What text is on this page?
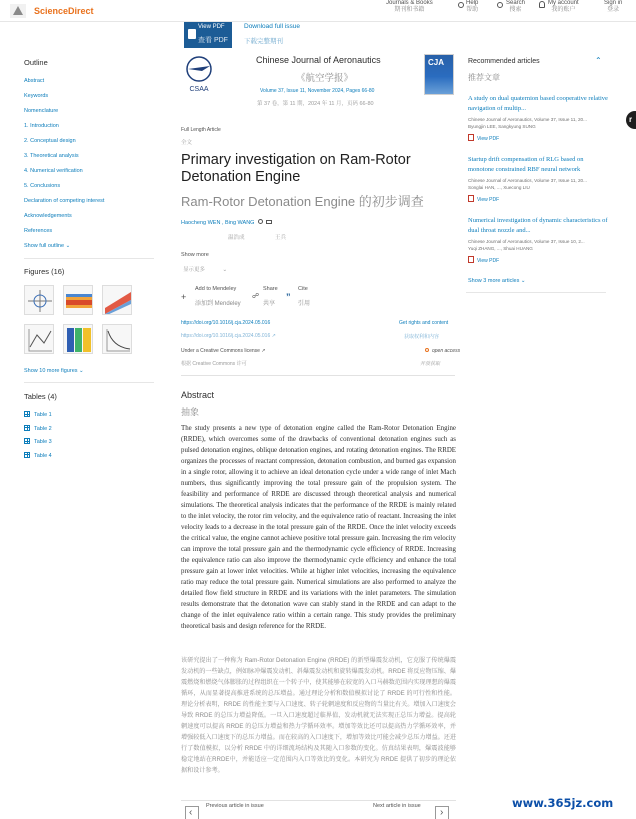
ScienceDirect
Journals & Books
期刊和书籍
Help
帮助
Search
搜索
My account
我的账户
Sign in
登录
View PDF
查看 PDF
Download full issue
下载完整期刊
Outline
Abstract
Keywords
Nomenclature
1. Introduction
2. Conceptual design
3. Theoretical analysis
4. Numerical verification
5. Conclusions
Declaration of competing interest
Acknowledgements
References
Show full outline ⌄
Figures (16)
Show 10 more figures ⌄
Tables (4)
Table 1
Table 2
Table 3
Table 4
CSAA
Chinese Journal of Aeronautics
《航空学报》
Volume 37, Issue 11, November 2024, Pages 66-80
第 37 卷，第 11 期，2024 年 11 月，页码 66-80
CJA
Full Length Article
全文
Primary investigation on Ram-Rotor Detonation Engine
Ram-Rotor Detonation Engine 的初步调查
Haocheng WEN , Bing WANG
温浩成                    王兵
Show more
显示更多	⌄
+
Add to Mendeley
添加到 Mendeley
☍
Share
共享
”
Cite
引用
https://doi.org/10.1016/j.cja.2024.05.016
https://doi.org/10.1016/j.cja.2024.05.016 ↗
Get rights and content
获取权利和内容
Under a Creative Commons license ↗
根据 Creative Commons 许可
open access
开放获取
Abstract
抽象

The study presents a new type of detonation engine called the Ram-Rotor Detonation Engine (RRDE), which overcomes some of the drawbacks of conventional detonation engines such as pulsed detonation engines, oblique detonation engines, and rotating detonation engines. The RRDE organizes the processes of reactant compression, detonation combustion, and burned gas expansion in a single rotor, allowing it to achieve an ideal detonation cycle under a wide range of inlet Mach numbers, thus significantly improving the total pressure gain of the propulsion system. The feasibility and performance of RRDE are discussed through theoretical analysis and numerical simulations. The theoretical analysis indicates that the performance of the RRDE is mainly related to the inlet velocity, the rotor rim velocity, and the equivalence ratio of reactant. Increasing the inlet velocity leads to a decrease in the total pressure gain of the RRDE. Once the inlet velocity exceeds the critical value, the engine cannot achieve positive total pressure gain. Increasing the rim velocity can improve the total pressure gain and the thermodynamic cycle efficiency of RRDE. Increasing the equivalence ratio can also improve the thermodynamic cycle efficiency and enhance the total pressure gain at lower inlet velocities. While at higher inlet velocities, increasing the equivalence ratio may reduce the total pressure gain. Numerical simulations are also performed to analyze the detailed flow field structure in RRDE and its variations with the inlet parameters. The simulation results demonstrate that the detonation wave can stably stand in the RRDE and can adapt to the change of the inlet equivalence ratio within a certain range. This study provides the preliminary theoretical basis and design reference for the RRDE.

该研究提出了一种称为 Ram-Rotor Detonation Engine (RRDE) 的新型爆震发动机，它克服了传统爆震发动机的一些缺点，例如脉冲爆震发动机、斜爆震发动机和旋转爆震发动机。RRDE 将反应物压缩、爆震燃烧和燃烧气体膨胀的过程组织在一个转子中，使其能够在较宽的入口马赫数范围内实现理想的爆震循环，从而显著提高推进系统的总压增益。通过理论分析和数值模拟讨论了 RRDE 的可行性和性能。理论分析表明，RRDE 的性能主要与入口速度、转子轮辋速度和反应物的当量比有关。增加入口速度会导致 RRDE 的总压力增益降低。一旦入口速度超过临界值，发动机就无法实现正总压力增益。提高轮辋速度可以提高 RRDE 的总压力增益和热力学循环效率。增加等效比还可以提高热力学循环效率，并增强较低入口速度下的总压力增益。而在较高的入口速度下，增加等效比可能会减少总压力增益。还进行了数值模拟，以分析 RRDE 中的详细流场结构及其随入口参数的变化。仿真结果表明，爆震波能够稳定地站在RRDE中，并能适应一定范围内入口等效比的变化。本研究为 RRDE 提供了初步的理论依据和设计参考。

‹
Previous article in issue	Next article in issue
›
Recommended articles
推荐文章
⌃
A study on dual quaternion based cooperative relative navigation of multip...
Chinese Journal of Aeronautics, Volume 37, Issue 11, 20...
Byungjin LEE, Sangkyung SUNG
View PDF
Startup drift compensation of RLG based on monotone constrained RBF neural network
Chinese Journal of Aeronautics, Volume 37, Issue 11, 20...
Songlai HAN, ..., Xuecong LIU
View PDF
Numerical investigation of dynamic characteristics of dual throat nozzle and...
Chinese Journal of Aeronautics, Volume 37, Issue 10, 2...
Yuqi ZHANG, ..., Shuai HUANG
View PDF
Show 3 more articles ⌄
r
www.365jz.com
